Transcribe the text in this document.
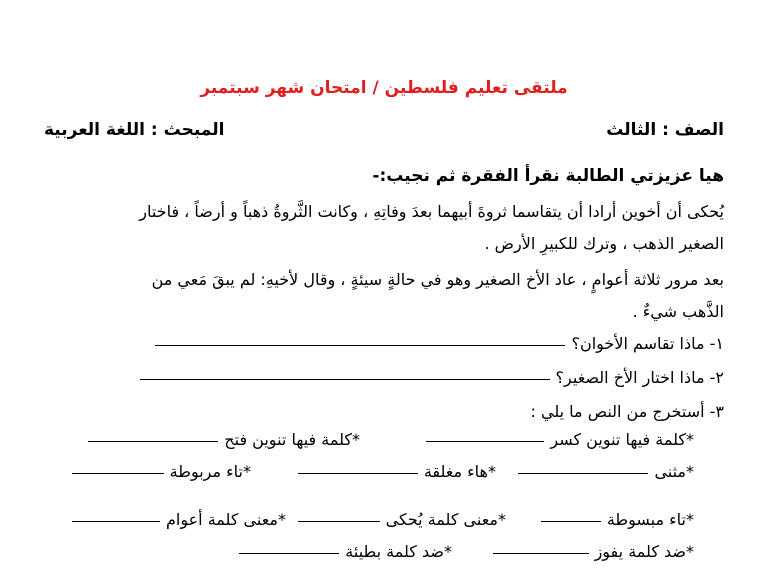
ملتقى تعليم فلسطين / امتحان شهر سبتمبر
الصف : الثالث
المبحث : اللغة العربية
هيا عزيزتي الطالبة نقرأ الفقرة ثم نجيب:-
يُحكى أن أخوين أرادا أن يتقاسما ثروةَ أبيهما بعدَ وفاتِهِ ، وكانت الثَّروةُ ذهباً و أرضاً ، فاختار
الصغير الذهب ، وترك للكبيرِ الأرض .
بعد مرور ثلاثة أعوامٍ ، عاد الأخ الصغير وهو في حالةٍ سيئةٍ ، وقال لأخيهِ: لم يبقَ مَعي من
الذَّهب شيءٌ .
١- ماذا تقاسم الأخوان؟
٢- ماذا اختار الأخ الصغير؟
٣- أستخرج من النص ما يلي :
*كلمة فيها تنوين كسر
*كلمة فيها تنوين فتح
*مثنى
*هاء مغلقة
*تاء مربوطة
*تاء مبسوطة
*معنى كلمة يُحكى
*معنى كلمة أعوام
*ضد كلمة يفوز
*ضد كلمة بطيئة
